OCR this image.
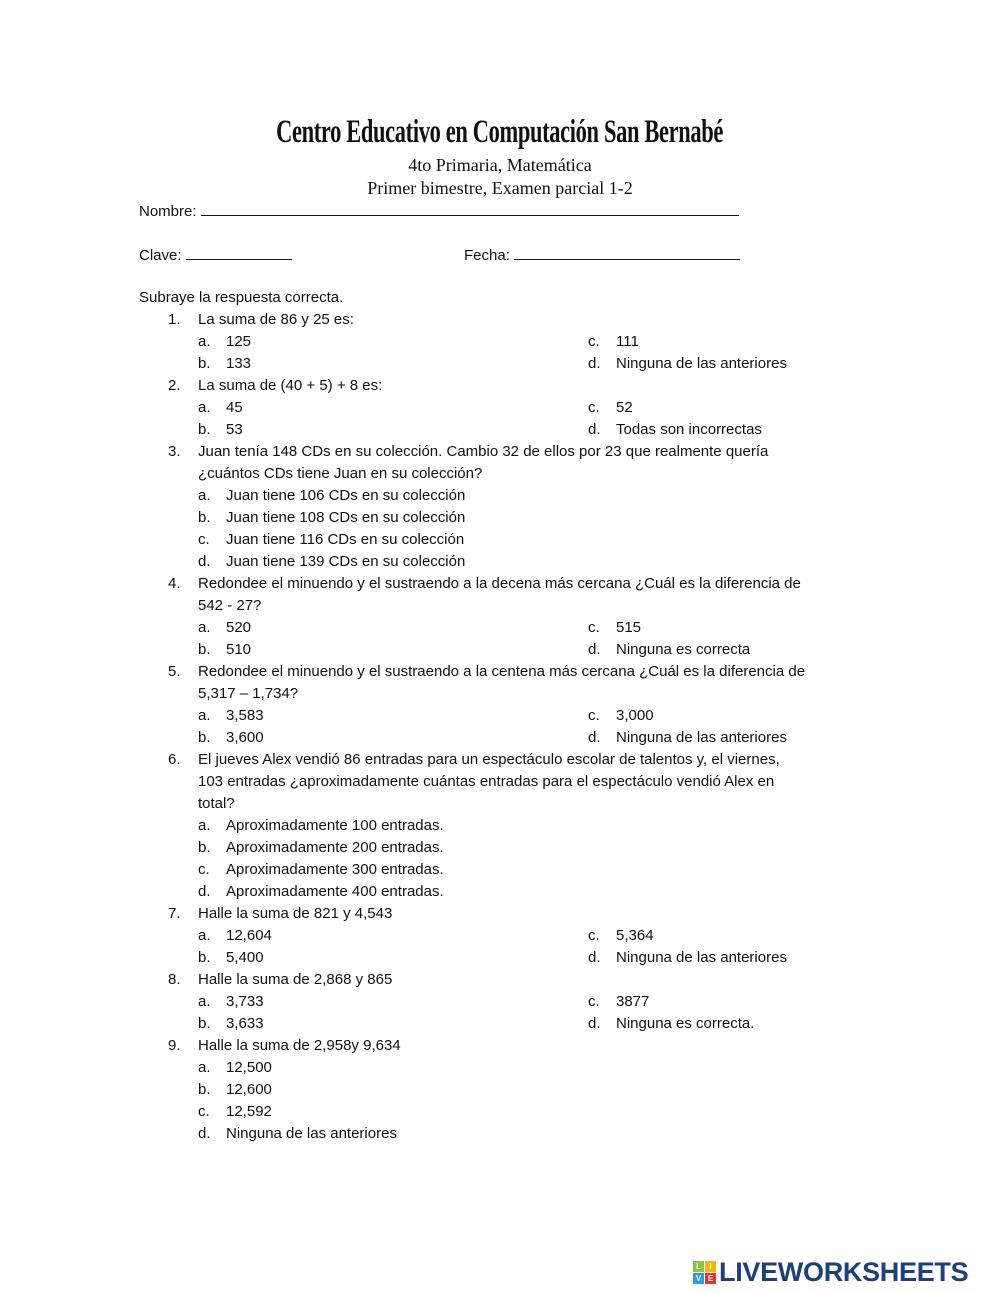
Centro Educativo en Computación San Bernabé
4to Primaria, Matemática
Primer bimestre, Examen parcial 1-2
Nombre:
Clave:	Fecha:
Subraye la respuesta correcta.
1. La suma de 86 y 25 es:
a. 125	c. 111
b. 133	d. Ninguna de las anteriores
2. La suma de (40 + 5) + 8 es:
a. 45	c. 52
b. 53	d. Todas son incorrectas
3. Juan tenía 148 CDs en su colección. Cambio 32 de ellos por 23 que realmente quería
¿cuántos CDs tiene Juan en su colección?
a. Juan tiene 106 CDs en su colección
b. Juan tiene 108 CDs en su colección
c. Juan tiene 116 CDs en su colección
d. Juan tiene 139 CDs en su colección
4. Redondee el minuendo y el sustraendo a la decena más cercana ¿Cuál es la diferencia de
542 - 27?
a. 520	c. 515
b. 510	d. Ninguna es correcta
5. Redondee el minuendo y el sustraendo a la centena más cercana ¿Cuál es la diferencia de
5,317 – 1,734?
a. 3,583	c. 3,000
b. 3,600	d. Ninguna de las anteriores
6. El jueves Alex vendió 86 entradas para un espectáculo escolar de talentos y, el viernes,
103 entradas ¿aproximadamente cuántas entradas para el espectáculo vendió Alex en
total?
a. Aproximadamente 100 entradas.
b. Aproximadamente 200 entradas.
c. Aproximadamente 300 entradas.
d. Aproximadamente 400 entradas.
7. Halle la suma de 821 y 4,543
a. 12,604	c. 5,364
b. 5,400	d. Ninguna de las anteriores
8. Halle la suma de 2,868 y 865
a. 3,733	c. 3877
b. 3,633	d. Ninguna es correcta.
9. Halle la suma de 2,958y 9,634
a. 12,500
b. 12,600
c. 12,592
d. Ninguna de las anteriores
L	I
V E LIVEWORKSHEETS
